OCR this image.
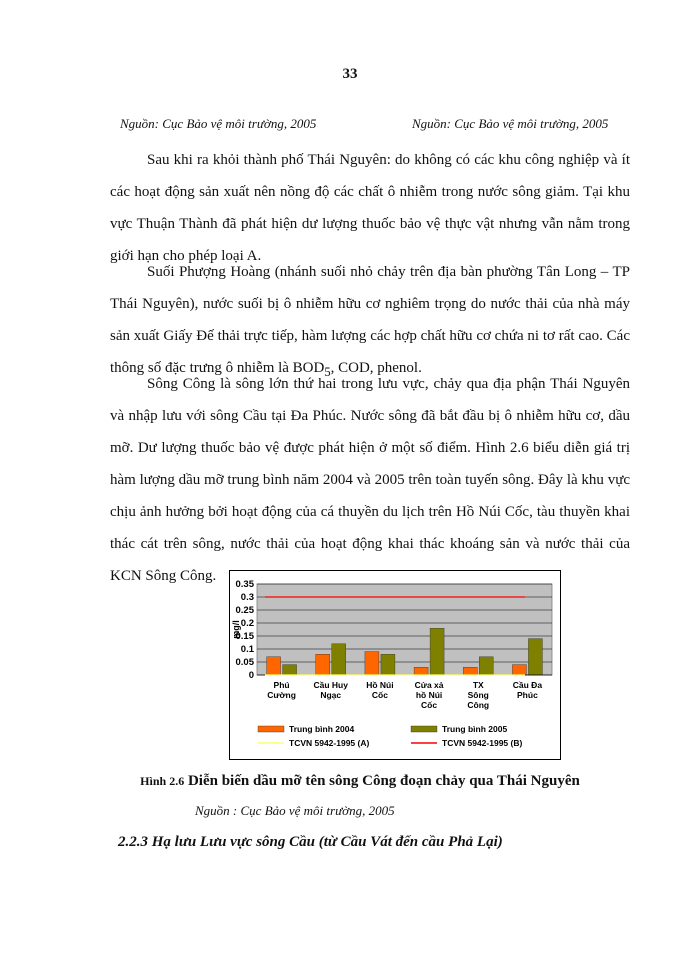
33
Nguồn: Cục Bảo vệ môi trường, 2005	Nguồn: Cục Bảo vệ môi trường, 2005
Sau khi ra khỏi thành phố Thái Nguyên: do không có các khu công nghiệp và ít các hoạt động sản xuất nên nồng độ các chất ô nhiễm trong nước sông giảm. Tại khu vực Thuận Thành đã phát hiện dư lượng thuốc bảo vệ thực vật nhưng vẫn nằm trong giới hạn cho phép loại A.
Suối Phượng Hoàng (nhánh suối nhỏ chảy trên địa bàn phường Tân Long – TP Thái Nguyên), nước suối bị ô nhiễm hữu cơ nghiêm trọng do nước thải của nhà máy sản xuất Giấy Đế thải trực tiếp, hàm lượng các hợp chất hữu cơ chứa ni tơ rất cao. Các thông số đặc trưng ô nhiễm là $BOD_5$, COD, phenol.
Sông Công là sông lớn thứ hai trong lưu vực, chảy qua địa phận Thái Nguyên và nhập lưu với sông Cầu tại Đa Phúc. Nước sông đã bắt đầu bị ô nhiễm hữu cơ, dầu mỡ. Dư lượng thuốc bảo vệ được phát hiện ở một số điểm. Hình 2.6 biểu diễn giá trị hàm lượng dầu mỡ trung bình năm 2004 và 2005 trên toàn tuyến sông. Đây là khu vực chịu ảnh hưởng bởi hoạt động của cá thuyền du lịch trên Hồ Núi Cốc, tàu thuyền khai thác cát trên sông, nước thải của hoạt động khai thác khoáng sản và nước thải của KCN Sông Công.
0
0.05
0.1
0.15
0.2
0.25
0.3
0.35
mg/l
Phú
Cường
Cầu Huy
Ngạc
Hồ Núi
Cốc
Cửa xả
hồ Núi
Cốc
TX
Sông
Công
Cầu Đa
Phúc
Trung bình 2004	Trung bình 2005
TCVN 5942-1995 (A)	TCVN 5942-1995 (B)
Hình 2.6 Diễn biến dầu mỡ tên sông Công đoạn chảy qua Thái Nguyên
Nguồn : Cục Bảo vệ môi trường, 2005
2.2.3 Hạ lưu Lưu vực sông Cầu (từ Cầu Vát đến cầu Phả Lại)
